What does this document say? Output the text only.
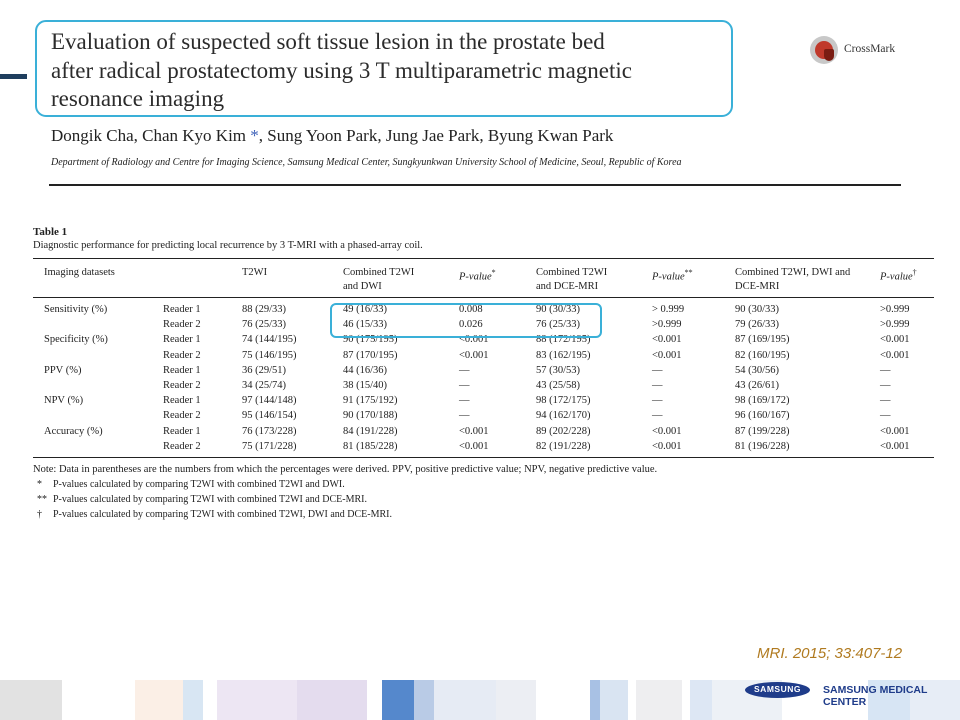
Evaluation of suspected soft tissue lesion in the prostate bed
after radical prostatectomy using 3 T multiparametric magnetic
resonance imaging
CrossMark
Dongik Cha, Chan Kyo Kim *, Sung Yoon Park, Jung Jae Park, Byung Kwan Park
Department of Radiology and Centre for Imaging Science, Samsung Medical Center, Sungkyunkwan University School of Medicine, Seoul, Republic of Korea
Table 1
Diagnostic performance for predicting local recurrence by 3 T-MRI with a phased-array coil.
Imaging datasets	T2WI	Combined T2WI
and DWI
P-value*	Combined T2WI
and DCE-MRI
P-value**	Combined T2WI, DWI and
DCE-MRI
P-value†
Sensitivity (%)	Reader 1	88 (29/33)	49 (16/33)	0.008	90 (30/33)	> 0.999	90 (30/33)	>0.999
Reader 2	76 (25/33)	46 (15/33)	0.026	76 (25/33)	>0.999	79 (26/33)	>0.999
Specificity (%)	Reader 1	74 (144/195)	90 (175/195)	<0.001	88 (172/195)	<0.001	87 (169/195)	<0.001
Reader 2	75 (146/195)	87 (170/195)	<0.001	83 (162/195)	<0.001	82 (160/195)	<0.001
PPV (%)	Reader 1	36 (29/51)	44 (16/36)	—	57 (30/53)	—	54 (30/56)	—
Reader 2	34 (25/74)	38 (15/40)	—	43 (25/58)	—	43 (26/61)	—
NPV (%)	Reader 1	97 (144/148)	91 (175/192)	—	98 (172/175)	—	98 (169/172)	—
Reader 2	95 (146/154)	90 (170/188)	—	94 (162/170)	—	96 (160/167)	—
Accuracy (%)	Reader 1	76 (173/228)	84 (191/228)	<0.001	89 (202/228)	<0.001	87 (199/228)	<0.001
Reader 2	75 (171/228)	81 (185/228)	<0.001	82 (191/228)	<0.001	81 (196/228)	<0.001
Note: Data in parentheses are the numbers from which the percentages were derived. PPV, positive predictive value; NPV, negative predictive value.
* P-values calculated by comparing T2WI with combined T2WI and DWI.
** P-values calculated by comparing T2WI with combined T2WI and DCE-MRI.
† P-values calculated by comparing T2WI with combined T2WI, DWI and DCE-MRI.
MRI. 2015; 33:407-12
SAMSUNG	SAMSUNG MEDICAL CENTER
